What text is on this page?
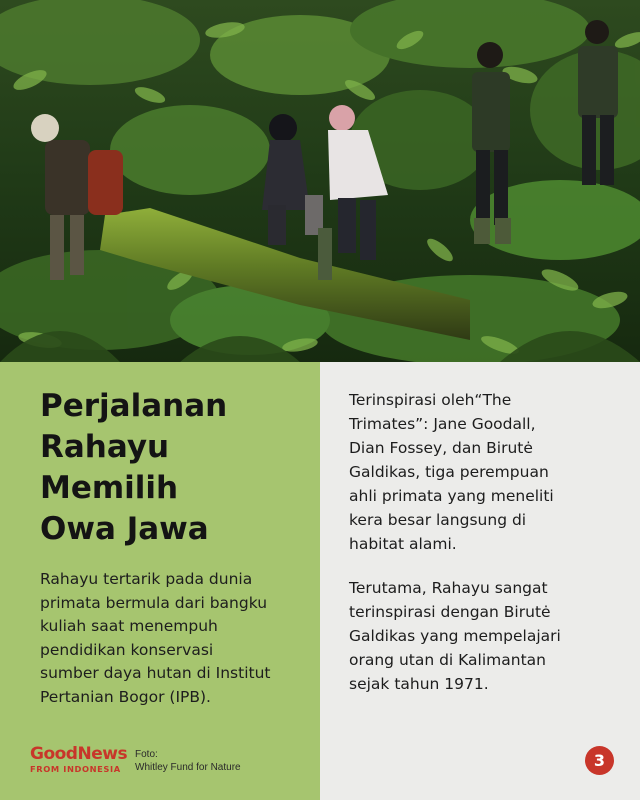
Perjalanan
Rahayu
Memilih
Owa Jawa

Rahayu tertarik pada dunia
primata bermula dari bangku
kuliah saat menempuh
pendidikan konservasi
sumber daya hutan di Institut
Pertanian Bogor (IPB).

Terinspirasi oleh“The
Trimates”: Jane Goodall,
Dian Fossey, dan Birutė
Galdikas, tiga perempuan
ahli primata yang meneliti
kera besar langsung di
habitat alami.

Terutama, Rahayu sangat
terinspirasi dengan Birutė
Galdikas yang mempelajari
orang utan di Kalimantan
sejak tahun 1971.

GoodNews
FROM INDONESIA
Foto:
Whitley Fund for Nature	3
